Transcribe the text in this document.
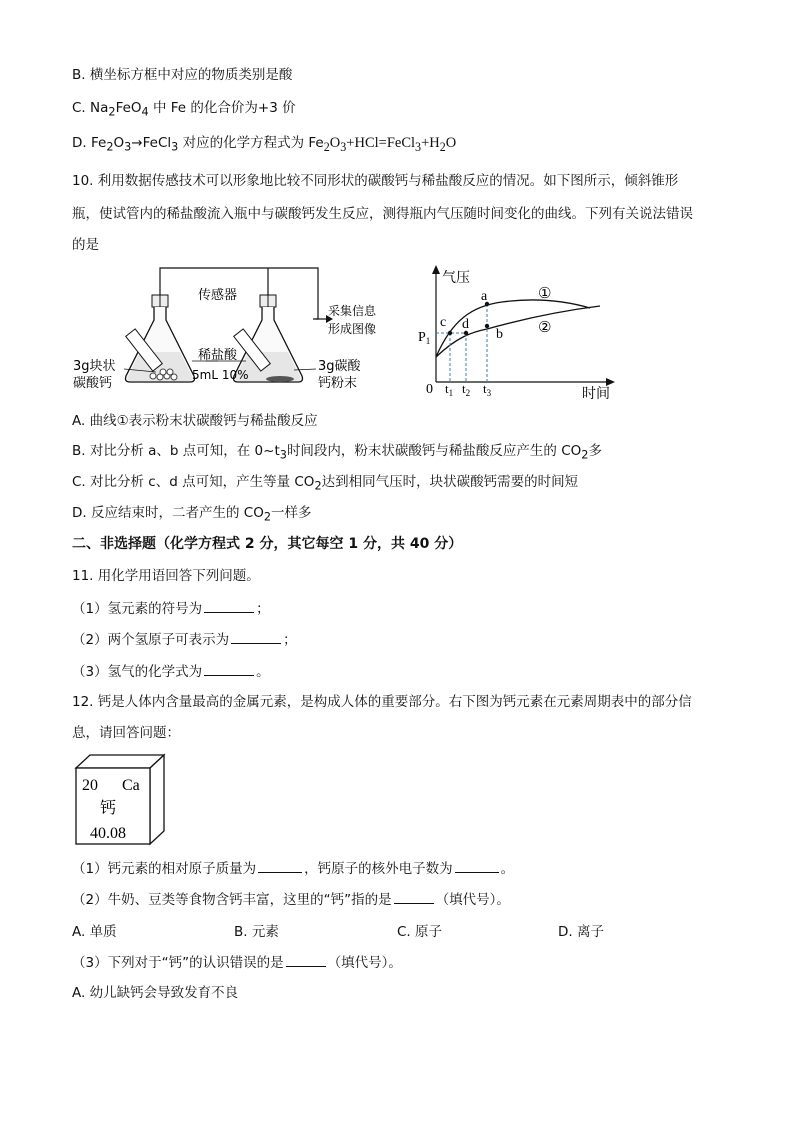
B. 横坐标方框中对应的物质类别是酸
C. $Na_2FeO_4$ 中 Fe 的化合价为+3 价
D. $Fe_2O_3\to FeCl_3$ 对应的化学方程式为 $Fe_2O_3+HCl=FeCl_3+H_2O$
10. 利用数据传感技术可以形象地比较不同形状的碳酸钙与稀盐酸反应的情况。如下图所示，倾斜锥形
瓶，使试管内的稀盐酸流入瓶中与碳酸钙发生反应，测得瓶内气压随时间变化的曲线。下列有关说法错误
的是
传感器
采集信息
形成图像
3g块状
碳酸钙
稀盐酸
5mL 10%
3g碳酸
钙粉末
气压
时间
0
$P_1$
$t_1$ $t_2$ $t_3$
a
b
c d
①
②
A. 曲线①表示粉末状碳酸钙与稀盐酸反应
B. 对比分析 a、b 点可知，在 $0\sim t_3$时间段内，粉末状碳酸钙与稀盐酸反应产生的 $CO_2$多
C. 对比分析 c、d 点可知，产生等量 $CO_2$达到相同气压时，块状碳酸钙需要的时间短
D. 反应结束时，二者产生的 $CO_2$一样多
二、非选择题（化学方程式 2 分，其它每空 1 分，共 40 分）
11. 用化学用语回答下列问题。
（1）氢元素的符号为	；
（2）两个氢原子可表示为	；
（3）氢气的化学式为	。
12. 钙是人体内含量最高的金属元素，是构成人体的重要部分。右下图为钙元素在元素周期表中的部分信
息，请回答问题：
20 Ca
钙
40.08
（1）钙元素的相对原子质量为	，钙原子的核外电子数为	。
（2）牛奶、豆类等食物含钙丰富，这里的“钙”指的是	（填代号）。
A. 单质	B. 元素	C. 原子	D. 离子
（3）下列对于“钙”的认识错误的是	（填代号）。
A. 幼儿缺钙会导致发育不良
